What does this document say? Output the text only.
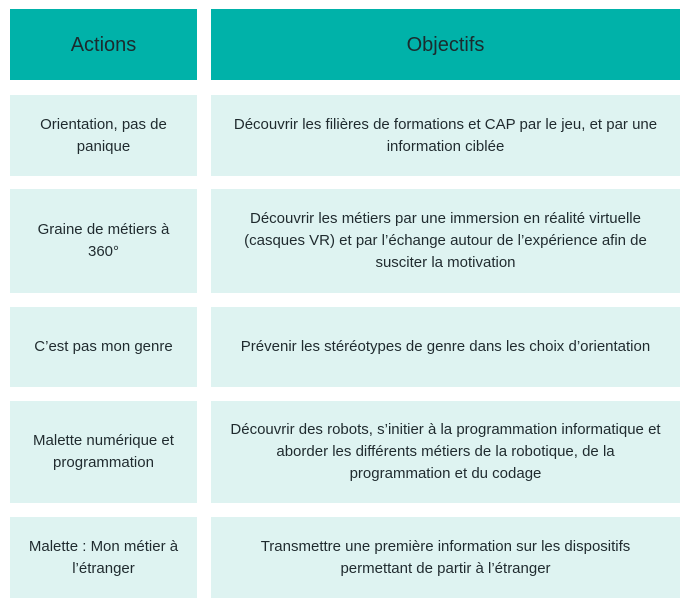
Actions	Objectifs
Orientation, pas de panique
Découvrir les filières de formations et CAP par le jeu, et par une information ciblée
Graine de métiers à 360°
Découvrir les métiers par une immersion en réalité virtuelle (casques VR) et par l’échange autour de l’expérience afin de susciter la motivation
C’est pas mon genre	Prévenir les stéréotypes de genre dans les choix d’orientation
Malette numérique et programmation
Découvrir des robots, s’initier à la programmation informatique et aborder les différents métiers de la robotique, de la programmation et du codage
Malette : Mon métier à l’étranger
Transmettre une première information sur les dispositifs permettant de partir à l’étranger
